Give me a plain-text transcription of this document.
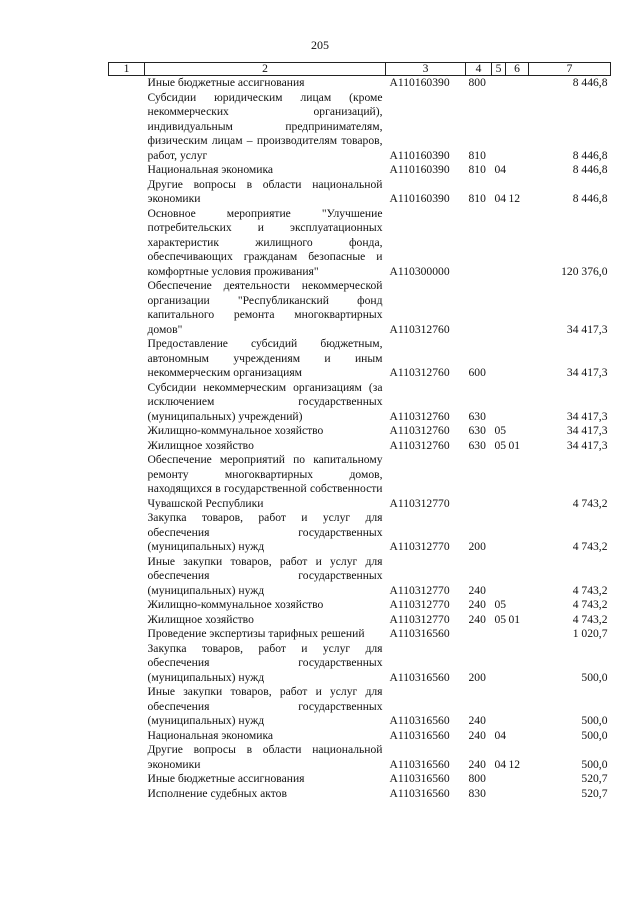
205
1	2	3	4	5	6	7
	Иные бюджетные ассигнования	А110160390	800			8 446,8
	Субсидии юридическим лицам (кроме некоммерческих организаций), индивидуальным предпринимателям, физическим лицам – производителям товаров, работ, услуг	А110160390	810			8 446,8
	Национальная экономика	А110160390	810	04		8 446,8
	Другие вопросы в области национальной экономики	А110160390	810	04	12	8 446,8
	Основное мероприятие "Улучшение потребительских и эксплуатационных характеристик жилищного фонда, обеспечивающих гражданам безопасные и комфортные условия проживания"	А110300000				120 376,0
	Обеспечение деятельности некоммерческой организации "Республиканский фонд капитального ремонта многоквартирных домов"	А110312760				34 417,3
	Предоставление субсидий бюджетным, автономным учреждениям и иным некоммерческим организациям	А110312760	600			34 417,3
	Субсидии некоммерческим организациям (за исключением государственных (муниципальных) учреждений)	А110312760	630			34 417,3
	Жилищно-коммунальное хозяйство	А110312760	630	05		34 417,3
	Жилищное хозяйство	А110312760	630	05	01	34 417,3
	Обеспечение мероприятий по капитальному ремонту многоквартирных домов, находящихся в государственной собственности Чувашской Республики	А110312770				4 743,2
	Закупка товаров, работ и услуг для обеспечения государственных (муниципальных) нужд	А110312770	200			4 743,2
	Иные закупки товаров, работ и услуг для обеспечения государственных (муниципальных) нужд	А110312770	240			4 743,2
	Жилищно-коммунальное хозяйство	А110312770	240	05		4 743,2
	Жилищное хозяйство	А110312770	240	05	01	4 743,2
	Проведение экспертизы тарифных решений	А110316560				1 020,7
	Закупка товаров, работ и услуг для обеспечения государственных (муниципальных) нужд	А110316560	200			500,0
	Иные закупки товаров, работ и услуг для обеспечения государственных (муниципальных) нужд	А110316560	240			500,0
	Национальная экономика	А110316560	240	04		500,0
	Другие вопросы в области национальной экономики	А110316560	240	04	12	500,0
	Иные бюджетные ассигнования	А110316560	800			520,7
	Исполнение судебных актов	А110316560	830			520,7
